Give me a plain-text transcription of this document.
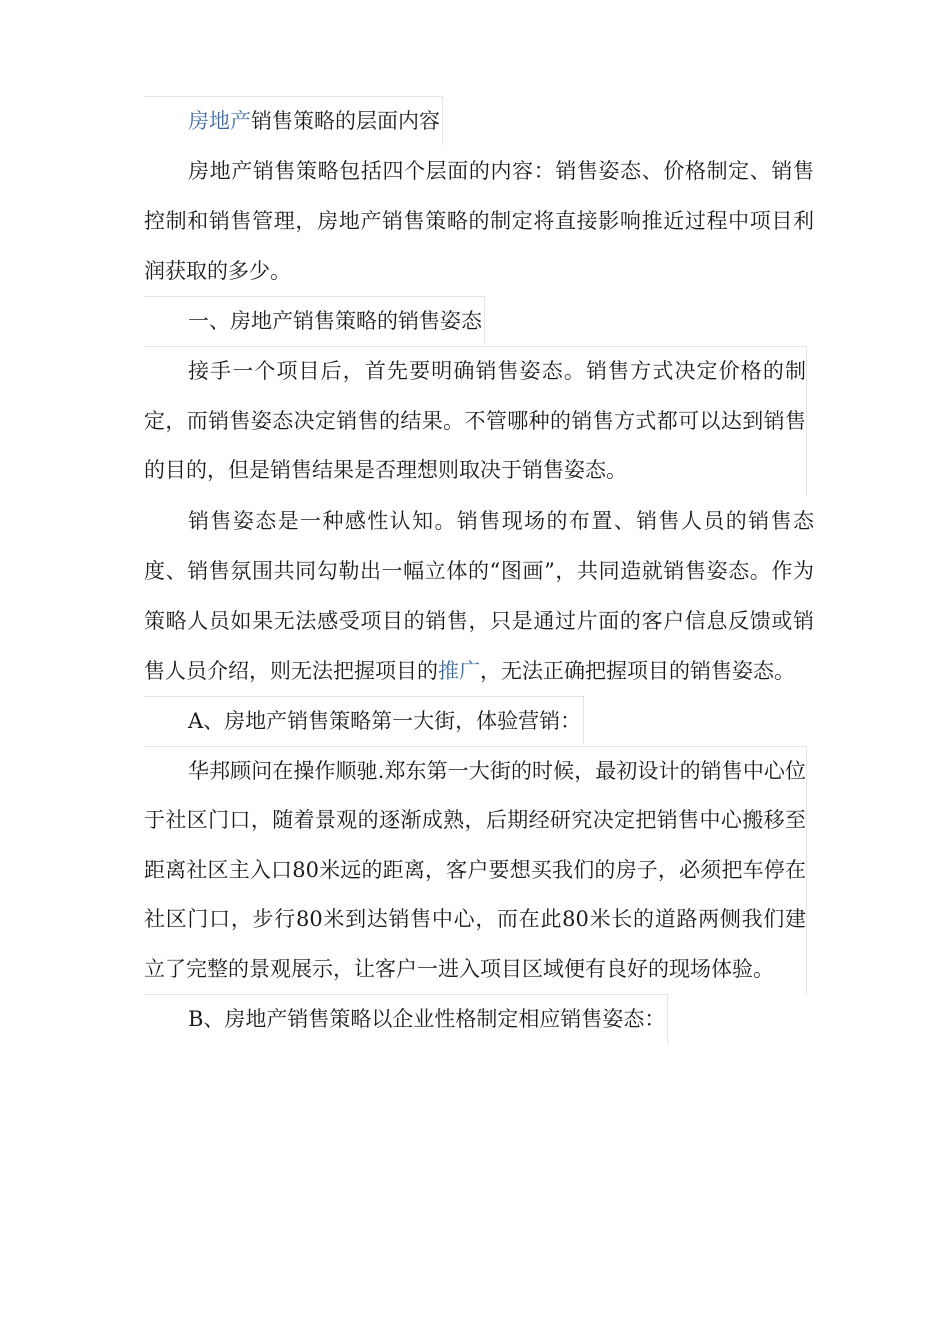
房地产销售策略的层面内容

房地产销售策略包括四个层面的内容：销售姿态、价格制定、销售控制和销售管理，房地产销售策略的制定将直接影响推近过程中项目利润获取的多少。

一、房地产销售策略的销售姿态

接手一个项目后，首先要明确销售姿态。销售方式决定价格的制定，而销售姿态决定销售的结果。不管哪种的销售方式都可以达到销售的目的，但是销售结果是否理想则取决于销售姿态。

销售姿态是一种感性认知。销售现场的布置、销售人员的销售态度、销售氛围共同勾勒出一幅立体的“图画”，共同造就销售姿态。作为策略人员如果无法感受项目的销售，只是通过片面的客户信息反馈或销售人员介绍，则无法把握项目的推广，无法正确把握项目的销售姿态。

A、房地产销售策略第一大街，体验营销：

华邦顾问在操作顺驰.郑东第一大街的时候，最初设计的销售中心位于社区门口，随着景观的逐渐成熟，后期经研究决定把销售中心搬移至距离社区主入口80米远的距离，客户要想买我们的房子，必须把车停在社区门口，步行80米到达销售中心，而在此80米长的道路两侧我们建立了完整的景观展示，让客户一进入项目区域便有良好的现场体验。

B、房地产销售策略以企业性格制定相应销售姿态：
